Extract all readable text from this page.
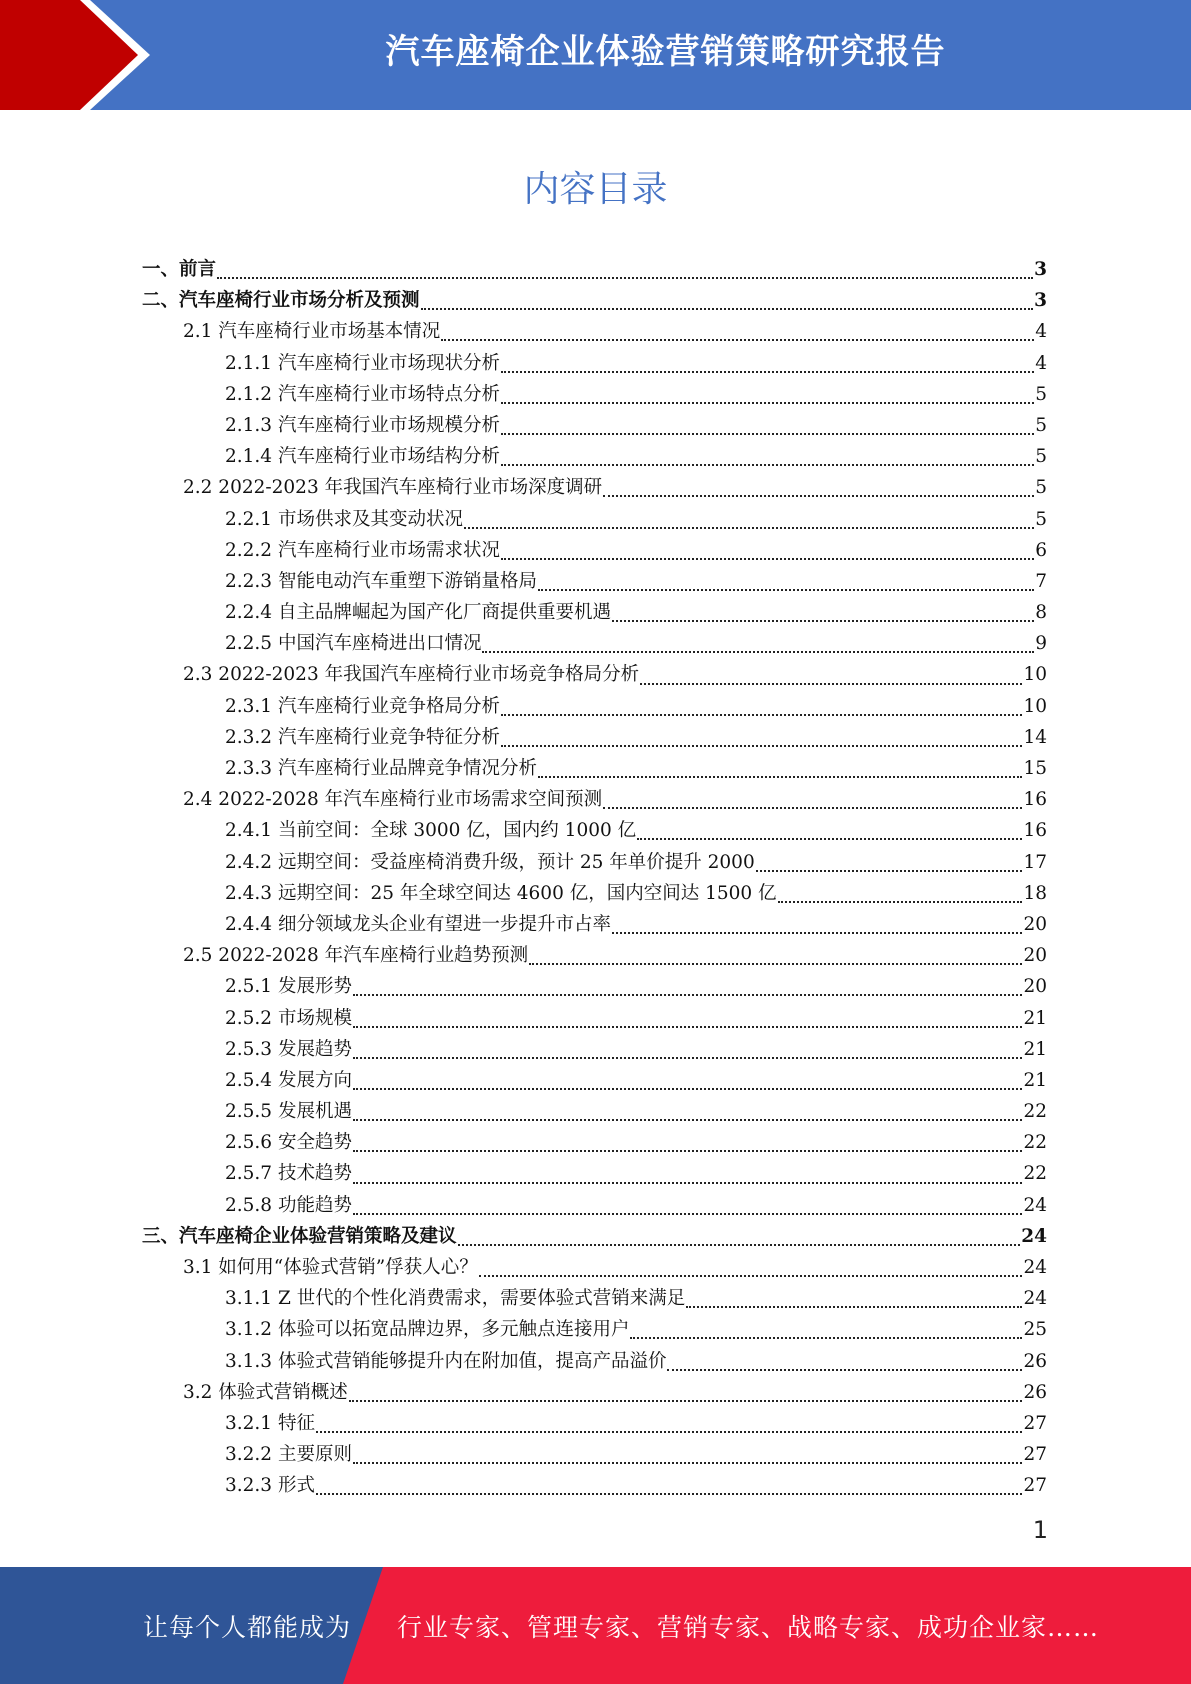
汽车座椅企业体验营销策略研究报告
内容目录
一、前言	3
二、汽车座椅行业市场分析及预测	3
2.1 汽车座椅行业市场基本情况	4
2.1.1 汽车座椅行业市场现状分析	4
2.1.2 汽车座椅行业市场特点分析	5
2.1.3 汽车座椅行业市场规模分析	5
2.1.4 汽车座椅行业市场结构分析	5
2.2 2022-2023 年我国汽车座椅行业市场深度调研	5
2.2.1 市场供求及其变动状况	5
2.2.2 汽车座椅行业市场需求状况	6
2.2.3 智能电动汽车重塑下游销量格局	7
2.2.4 自主品牌崛起为国产化厂商提供重要机遇	8
2.2.5 中国汽车座椅进出口情况	9
2.3 2022-2023 年我国汽车座椅行业市场竞争格局分析	10
2.3.1 汽车座椅行业竞争格局分析	10
2.3.2 汽车座椅行业竞争特征分析	14
2.3.3 汽车座椅行业品牌竞争情况分析	15
2.4 2022-2028 年汽车座椅行业市场需求空间预测	16
2.4.1 当前空间：全球 3000 亿，国内约 1000 亿	16
2.4.2 远期空间：受益座椅消费升级，预计 25 年单价提升 2000	17
2.4.3 远期空间：25 年全球空间达 4600 亿，国内空间达 1500 亿	18
2.4.4 细分领域龙头企业有望进一步提升市占率	20
2.5 2022-2028 年汽车座椅行业趋势预测	20
2.5.1 发展形势	20
2.5.2 市场规模	21
2.5.3 发展趋势	21
2.5.4 发展方向	21
2.5.5 发展机遇	22
2.5.6 安全趋势	22
2.5.7 技术趋势	22
2.5.8 功能趋势	24
三、汽车座椅企业体验营销策略及建议	24
3.1 如何用“体验式营销”俘获人心？	24
3.1.1 Z 世代的个性化消费需求，需要体验式营销来满足	24
3.1.2 体验可以拓宽品牌边界，多元触点连接用户	25
3.1.3 体验式营销能够提升内在附加值，提高产品溢价	26
3.2 体验式营销概述	26
3.2.1 特征	27
3.2.2 主要原则	27
3.2.3 形式	27
1
让每个人都能成为 行业专家、管理专家、营销专家、战略专家、成功企业家……
